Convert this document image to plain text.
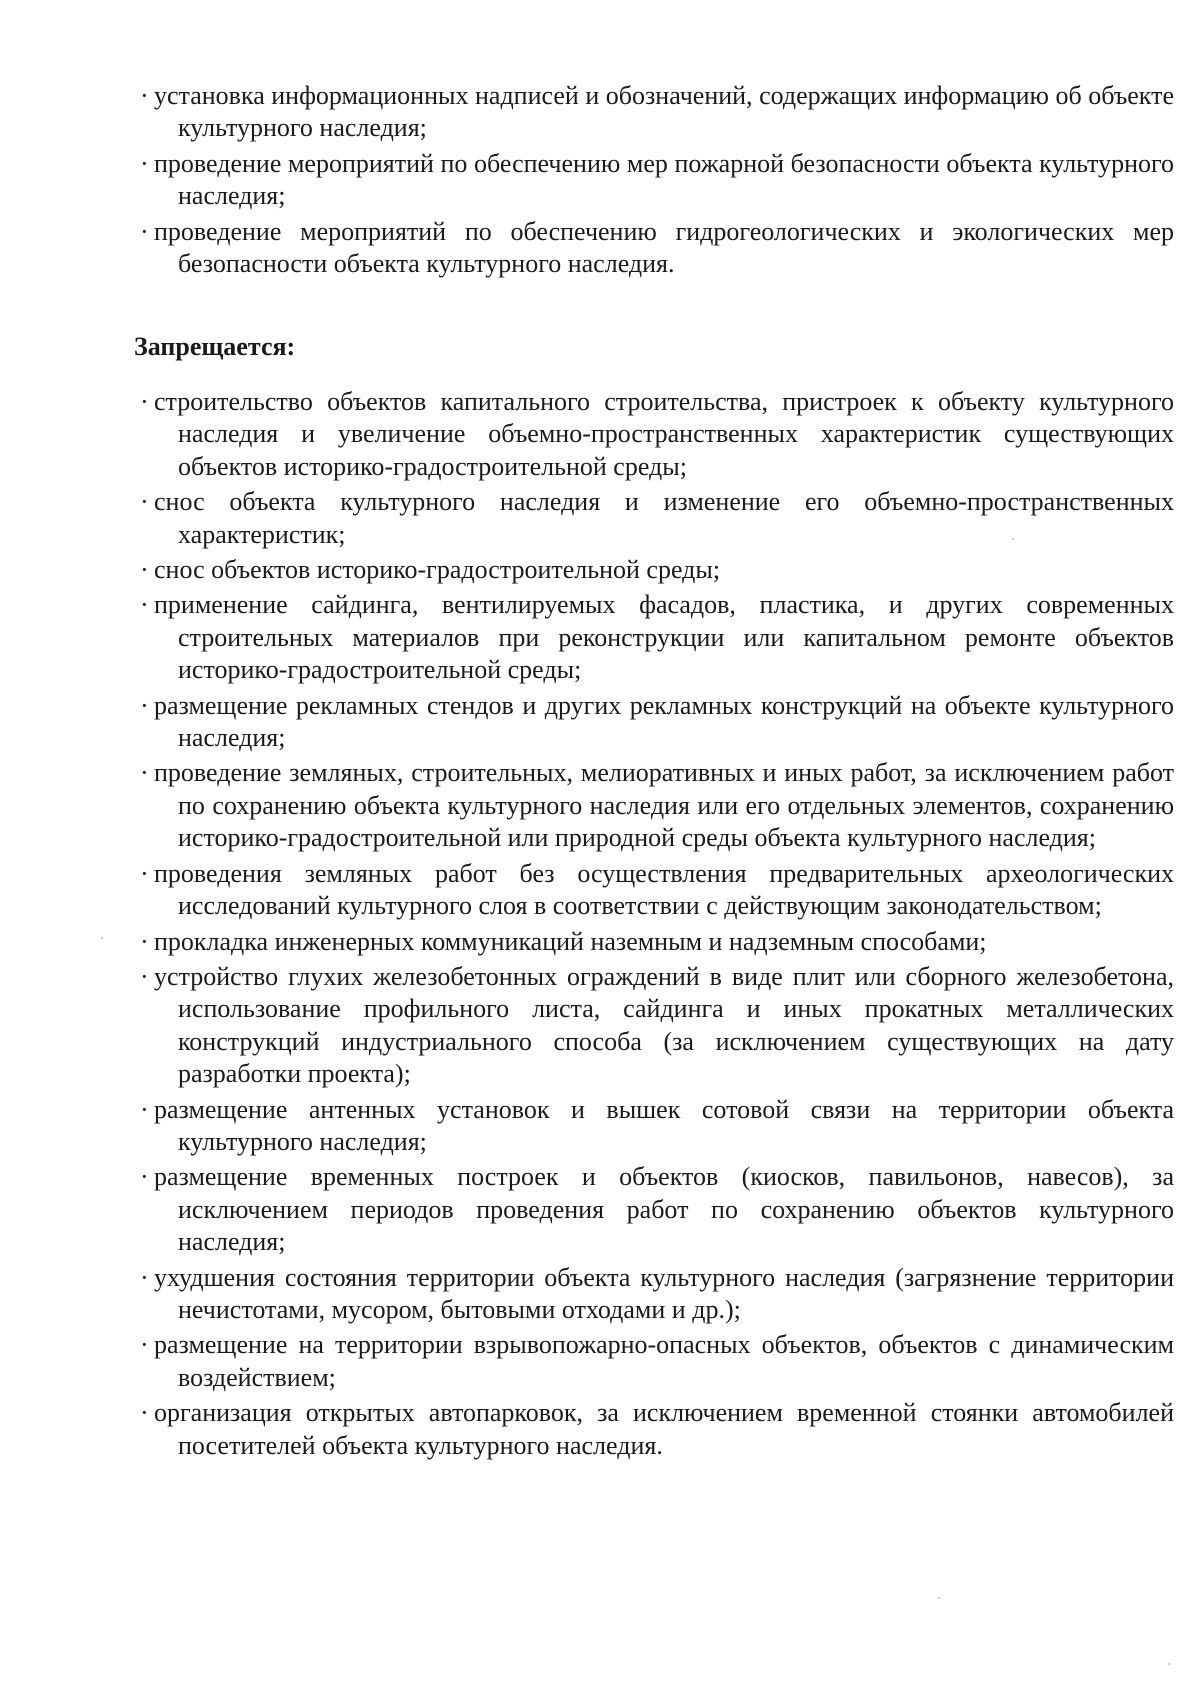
· установка информационных надписей и обозначений, содержащих информацию об объекте культурного наследия;
· проведение мероприятий по обеспечению мер пожарной безопасности объекта культурного наследия;
· проведение мероприятий по обеспечению гидрогеологических и экологических мер безопасности объекта культурного наследия.
Запрещается:
· строительство объектов капитального строительства, пристроек к объекту культурного наследия и увеличение объемно-пространственных характеристик существующих объектов историко-градостроительной среды;
· снос объекта культурного наследия и изменение его объемно-пространственных характеристик;
· снос объектов историко-градостроительной среды;
· применение сайдинга, вентилируемых фасадов, пластика, и других современных строительных материалов при реконструкции или капитальном ремонте объектов историко-градостроительной среды;
· размещение рекламных стендов и других рекламных конструкций на объекте культурного наследия;
· проведение земляных, строительных, мелиоративных и иных работ, за исключением работ по сохранению объекта культурного наследия или его отдельных элементов, сохранению историко-градостроительной или природной среды объекта культурного наследия;
· проведения земляных работ без осуществления предварительных археологических исследований культурного слоя в соответствии с действующим законодательством;
· прокладка инженерных коммуникаций наземным и надземным способами;
· устройство глухих железобетонных ограждений в виде плит или сборного железобетона, использование профильного листа, сайдинга и иных прокатных металлических конструкций индустриального способа (за исключением существующих на дату разработки проекта);
· размещение антенных установок и вышек сотовой связи на территории объекта культурного наследия;
· размещение временных построек и объектов (киосков, павильонов, навесов), за исключением периодов проведения работ по сохранению объектов культурного наследия;
· ухудшения состояния территории объекта культурного наследия (загрязнение территории нечистотами, мусором, бытовыми отходами и др.);
· размещение на территории взрывопожарно-опасных объектов, объектов с динамическим воздействием;
· организация открытых автопарковок, за исключением временной стоянки автомобилей посетителей объекта культурного наследия.
